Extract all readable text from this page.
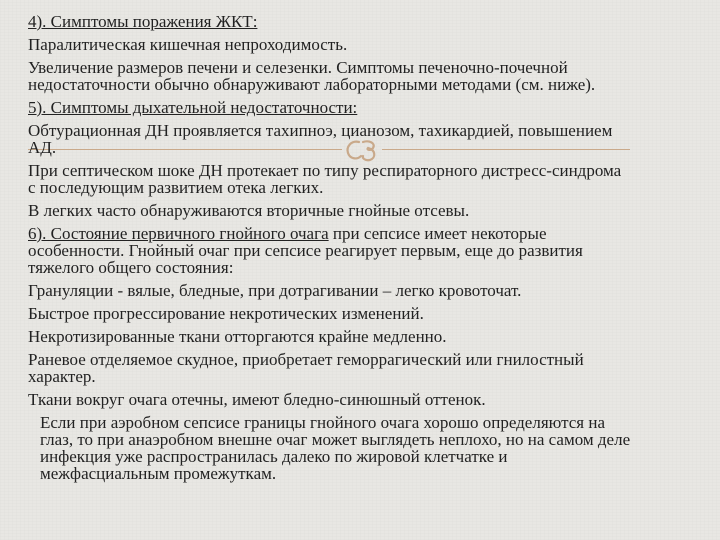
4). Симптомы поражения ЖКТ:

Паралитическая кишечная непроходимость.

Увеличение размеров печени и селезенки. Симптомы печеночно-почечной
недостаточности обычно обнаруживают лабораторными методами (см. ниже).

5). Симптомы дыхательной недостаточности:

Обтурационная ДН проявляется тахипноэ, цианозом, тахикардией, повышением
АД.

При септическом шоке ДН протекает по типу респираторного дистресс-синдрома
с последующим развитием отека легких.

В легких часто обнаруживаются вторичные гнойные отсевы.

6). Состояние первичного гнойного очага при сепсисе имеет некоторые
особенности. Гнойный очаг при сепсисе реагирует первым, еще до развития
тяжелого общего состояния:

Грануляции - вялые, бледные, при дотрагивании – легко кровоточат.

Быстрое прогрессирование некротических изменений.

Некротизированные ткани отторгаются крайне медленно.

Раневое отделяемое скудное, приобретает геморрагический или гнилостный
характер.

Ткани вокруг очага отечны, имеют бледно-синюшный оттенок.

Если при аэробном сепсисе границы гнойного очага хорошо определяются на
глаз, то при анаэробном внешне очаг может выглядеть неплохо, но на самом деле
инфекция уже распространилась далеко по жировой клетчатке и
межфасциальным промежуткам.
